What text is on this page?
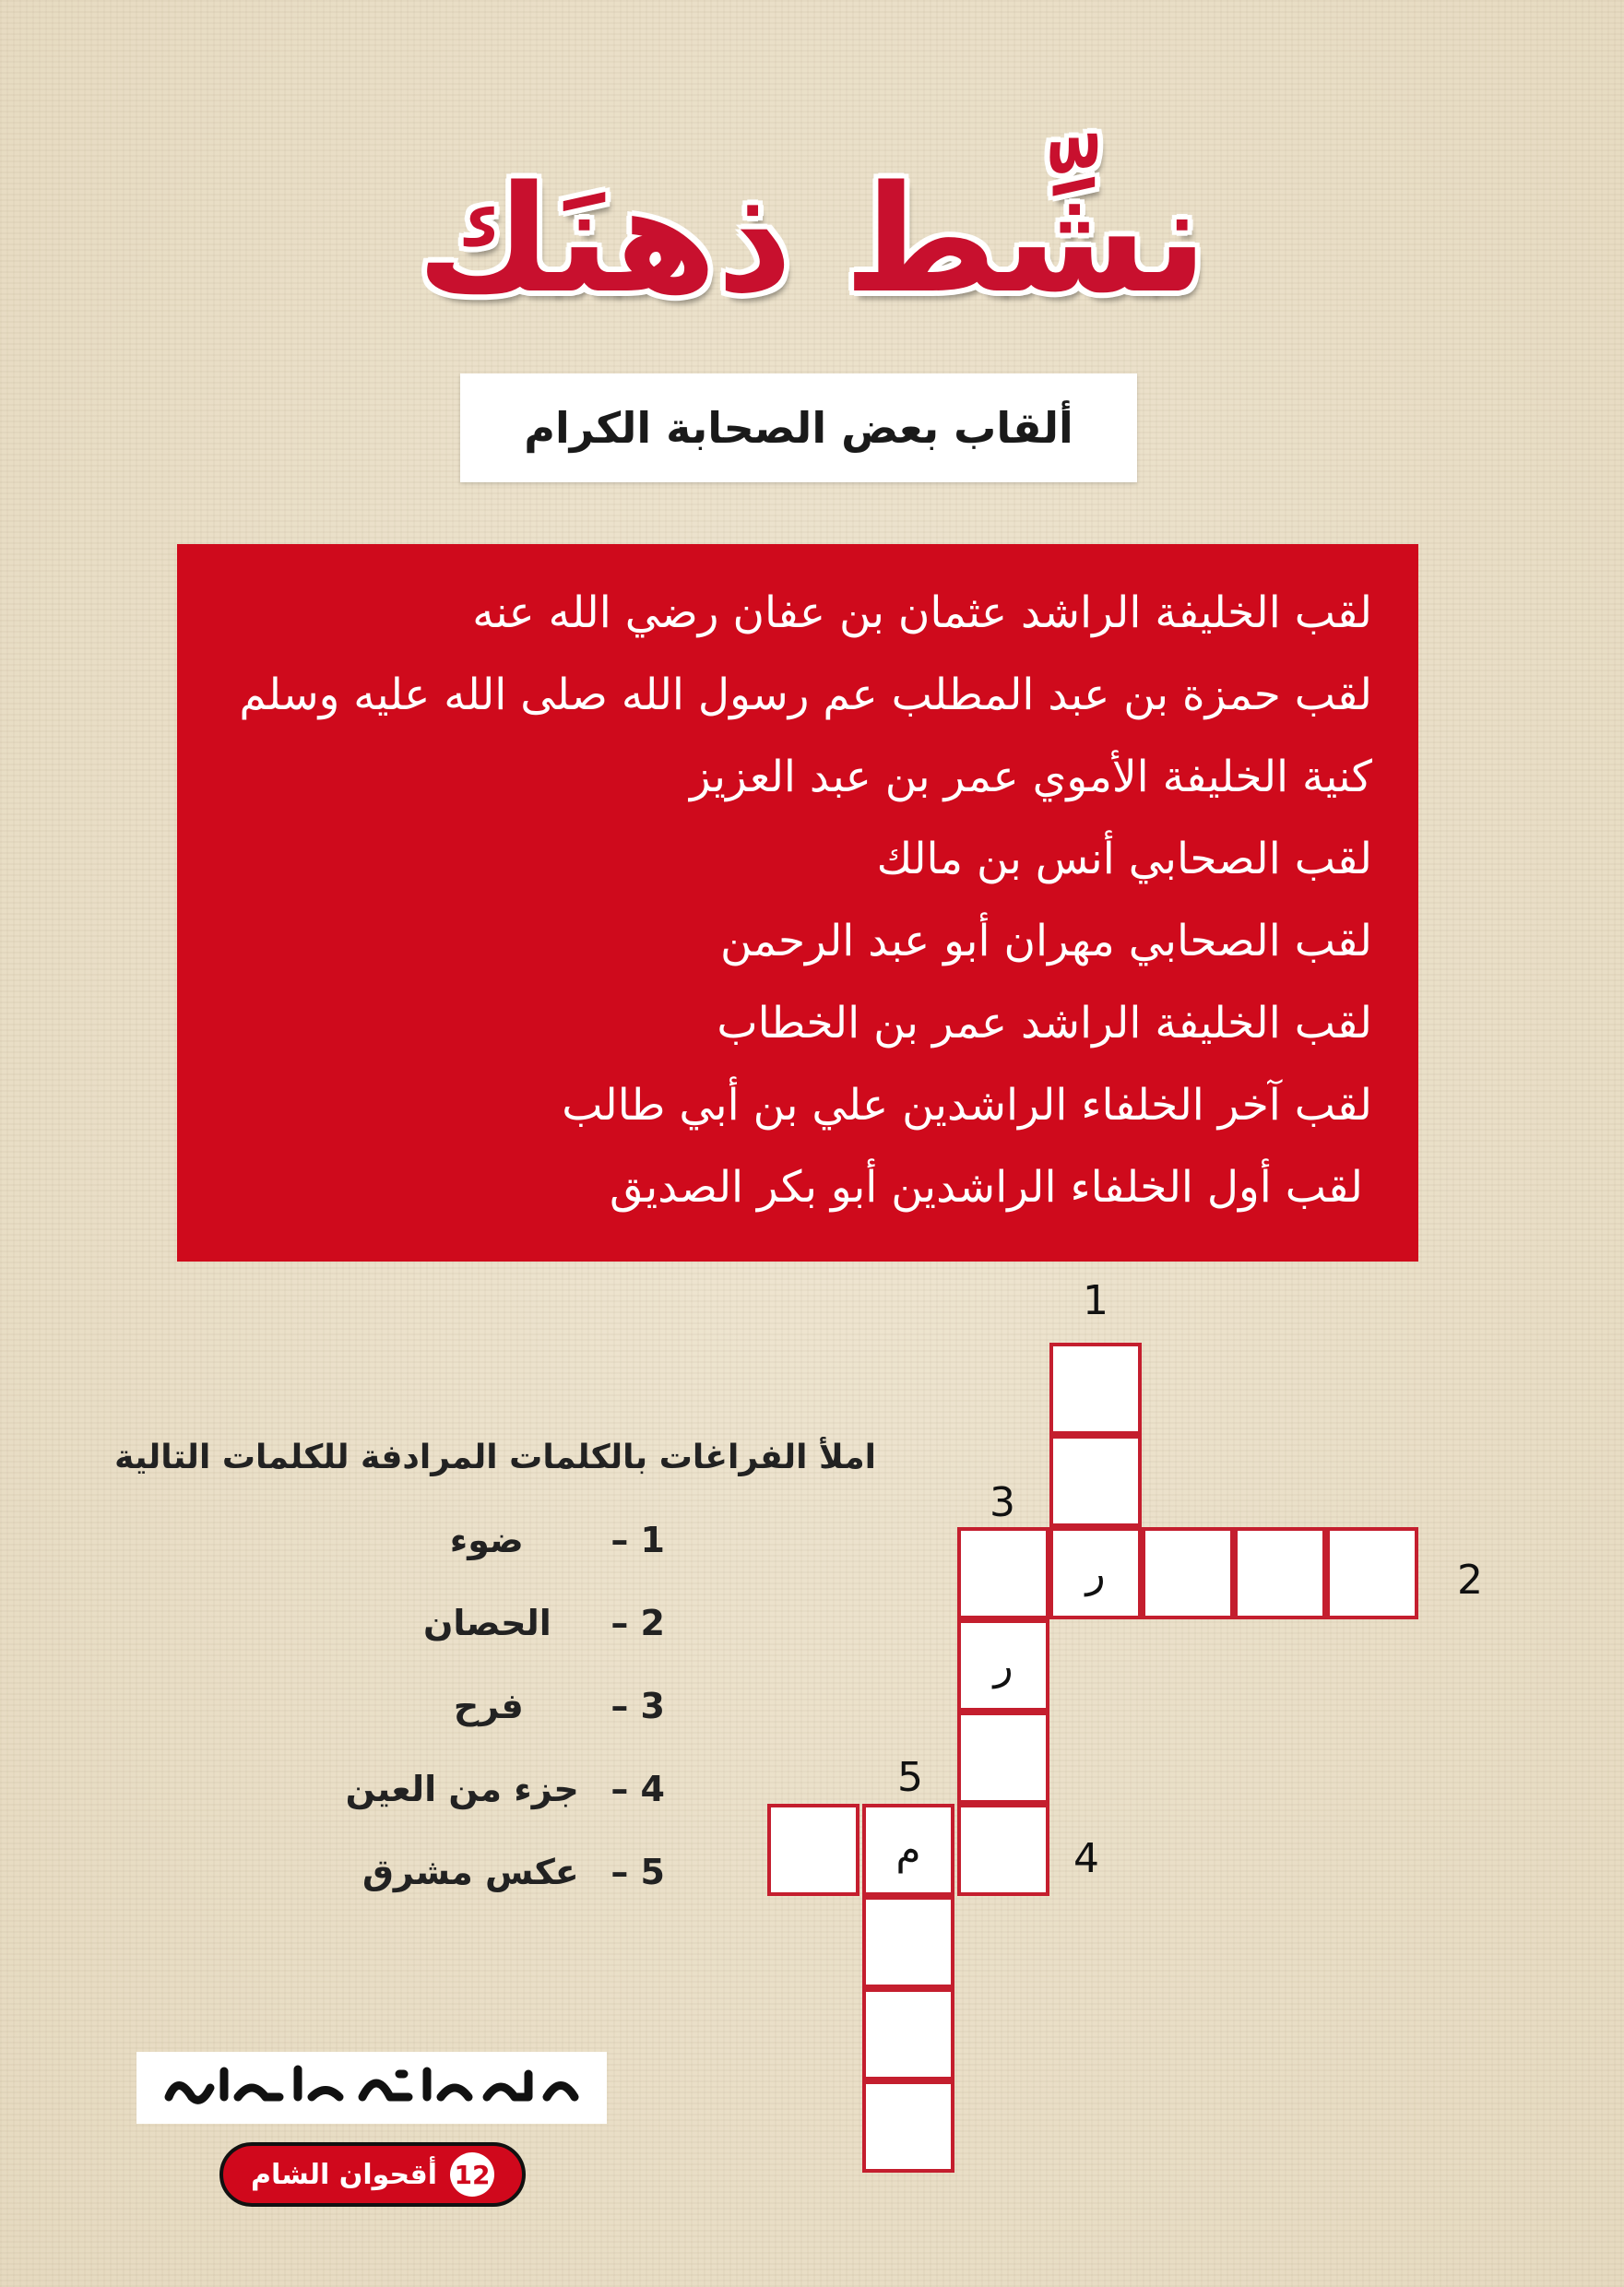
نشِّط ذهنَك
ألقاب بعض الصحابة الكرام
لقب الخليفة الراشد عثمان بن عفان رضي الله عنه
لقب حمزة بن عبد المطلب عم رسول الله صلى الله عليه وسلم
كنية الخليفة الأموي عمر بن عبد العزيز
لقب الصحابي أنس بن مالك
لقب الصحابي مهران أبو عبد الرحمن
لقب الخليفة الراشد عمر بن الخطاب
لقب آخر الخلفاء الراشدين علي بن أبي طالب
لقب أول الخلفاء الراشدين أبو بكر الصديق
املأ الفراغات بالكلمات المرادفة للكلمات التالية
1 – ضوء
2 – الحصان
3 – فرح
4 – جزء من العين
5 – عكس مشرق
ر
ر
م
1
2
3
4
5
12
أقحوان الشام
